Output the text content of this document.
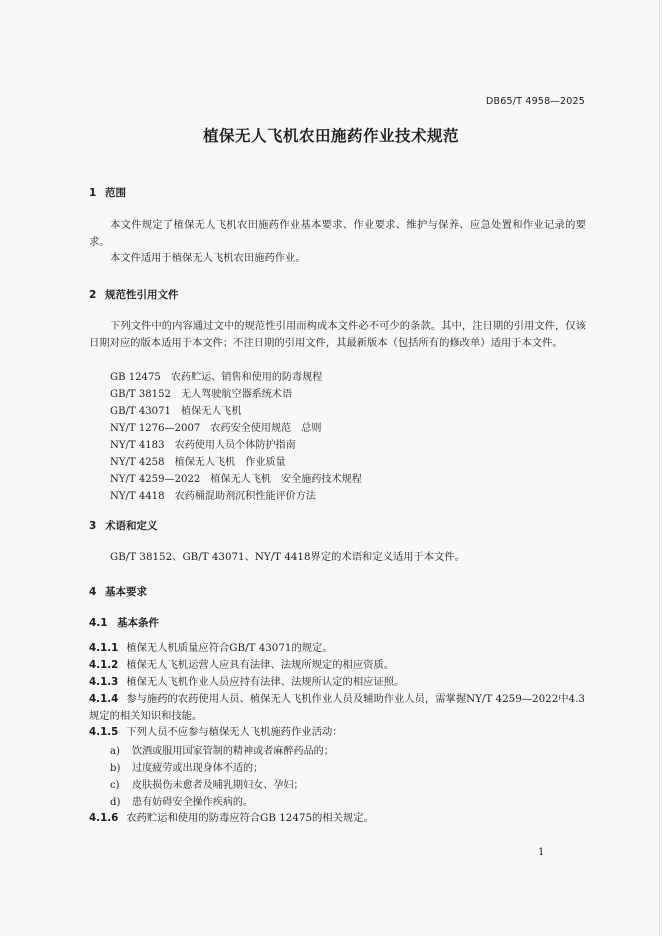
DB65/T 4958—2025
植保无人飞机农田施药作业技术规范
1 范围
本文件规定了植保无人飞机农田施药作业基本要求、作业要求、维护与保养、应急处置和作业记录的要求。
本文件适用于植保无人飞机农田施药作业。
2 规范性引用文件
下列文件中的内容通过文中的规范性引用而构成本文件必不可少的条款。其中，注日期的引用文件，仅该日期对应的版本适用于本文件；不注日期的引用文件，其最新版本（包括所有的修改单）适用于本文件。
GB 12475　农药贮运、销售和使用的防毒规程
GB/T 38152　无人驾驶航空器系统术语
GB/T 43071　植保无人飞机
NY/T 1276—2007　农药安全使用规范　总则
NY/T 4183　农药使用人员个体防护指南
NY/T 4258　植保无人飞机　作业质量
NY/T 4259—2022　植保无人飞机　安全施药技术规程
NY/T 4418　农药桶混助剂沉积性能评价方法
3 术语和定义
GB/T 38152、GB/T 43071、NY/T 4418界定的术语和定义适用于本文件。
4 基本要求
4.1 基本条件
4.1.1 植保无人机质量应符合GB/T 43071的规定。
4.1.2 植保无人飞机运营人应具有法律、法规所规定的相应资质。
4.1.3 植保无人飞机作业人员应持有法律、法规所认定的相应证照。
4.1.4 参与施药的农药使用人员、植保无人飞机作业人员及辅助作业人员，需掌握NY/T 4259—2022中4.3规定的相关知识和技能。
4.1.5 下列人员不应参与植保无人飞机施药作业活动：
a) 饮酒或服用国家管制的精神或者麻醉药品的；
b) 过度疲劳或出现身体不适的；
c) 皮肤损伤未愈者及哺乳期妇女、孕妇；
d) 患有妨碍安全操作疾病的。
4.1.6 农药贮运和使用的防毒应符合GB 12475的相关规定。
1
